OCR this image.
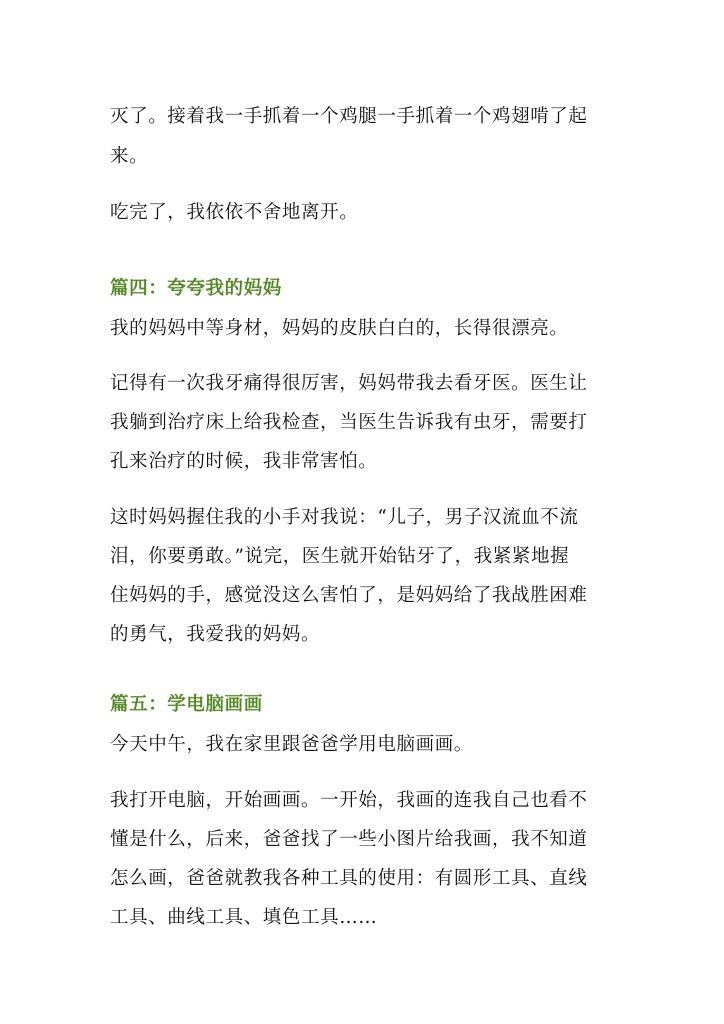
灭了。接着我一手抓着一个鸡腿一手抓着一个鸡翅啃了起

来。

吃完了，我依依不舍地离开。

篇四：夸夸我的妈妈

我的妈妈中等身材，妈妈的皮肤白白的，长得很漂亮。

记得有一次我牙痛得很厉害，妈妈带我去看牙医。医生让

我躺到治疗床上给我检查，当医生告诉我有虫牙，需要打

孔来治疗的时候，我非常害怕。

这时妈妈握住我的小手对我说：“儿子，男子汉流血不流

泪，你要勇敢。”说完，医生就开始钻牙了，我紧紧地握

住妈妈的手，感觉没这么害怕了，是妈妈给了我战胜困难

的勇气，我爱我的妈妈。

篇五：学电脑画画

今天中午，我在家里跟爸爸学用电脑画画。

我打开电脑，开始画画。一开始，我画的连我自己也看不

懂是什么，后来，爸爸找了一些小图片给我画，我不知道

怎么画，爸爸就教我各种工具的使用：有圆形工具、直线

工具、曲线工具、填色工具……
